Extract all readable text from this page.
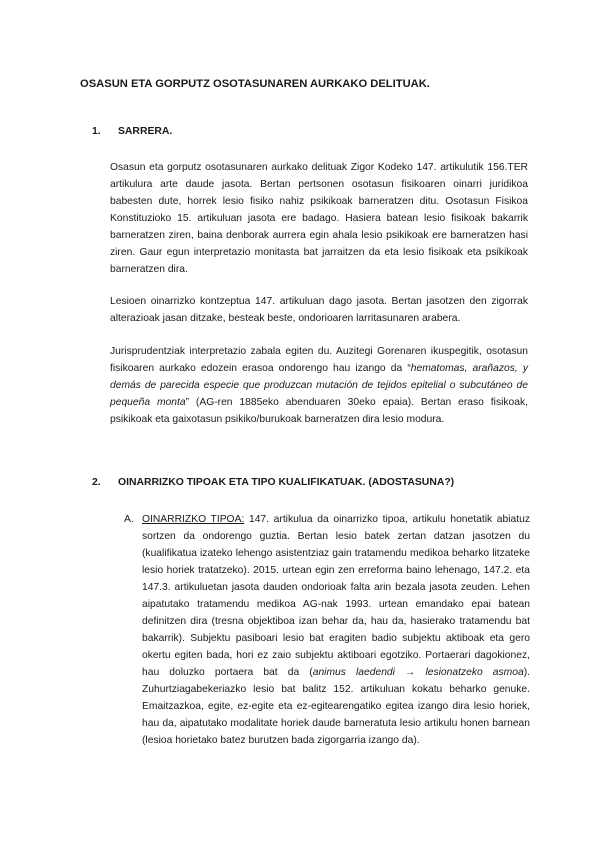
OSASUN ETA GORPUTZ OSOTASUNAREN AURKAKO DELITUAK.
1. SARRERA.

Osasun eta gorputz osotasunaren aurkako delituak Zigor Kodeko 147. artikulutik 156.TER artikulura arte daude jasota. Bertan pertsonen osotasun fisikoaren oinarri juridikoa babesten dute, horrek lesio fisiko nahiz psikikoak barneratzen ditu. Osotasun Fisikoa Konstituzioko 15. artikuluan jasota ere badago. Hasiera batean lesio fisikoak bakarrik barneratzen ziren, baina denborak aurrera egin ahala lesio psikikoak ere barneratzen hasi ziren. Gaur egun interpretazio monitasta bat jarraitzen da eta lesio fisikoak eta psikikoak barneratzen dira.

Lesioen oinarrizko kontzeptua 147. artikuluan dago jasota. Bertan jasotzen den zigorrak alterazioak jasan ditzake, besteak beste, ondorioaren larritasunaren arabera.

Jurisprudentziak interpretazio zabala egiten du. Auzitegi Gorenaren ikuspegitik, osotasun fisikoaren aurkako edozein erasoa ondorengo hau izango da “hematomas, arañazos, y demás de parecida especie que produzcan mutación de tejidos epitelial o subcutáneo de pequeña monta” (AG-ren 1885eko abenduaren 30eko epaia). Bertan eraso fisikoak, psikikoak eta gaixotasun psikiko/burukoak barneratzen dira lesio modura.

2. OINARRIZKO TIPOAK ETA TIPO KUALIFIKATUAK. (ADOSTASUNA?)
A. OINARRIZKO TIPOA: 147. artikulua da oinarrizko tipoa, artikulu honetatik abiatuz sortzen da ondorengo guztia. Bertan lesio batek zertan datzan jasotzen du (kualifikatua izateko lehengo asistentziaz gain tratamendu medikoa beharko litzateke lesio horiek tratatzeko). 2015. urtean egin zen erreforma baino lehenago, 147.2. eta 147.3. artikuluetan jasota dauden ondorioak falta arin bezala jasota zeuden. Lehen aipatutako tratamendu medikoa AG-nak 1993. urtean emandako epai batean definitzen dira (tresna objektiboa izan behar da, hau da, hasierako tratamendu bat bakarrik). Subjektu pasiboari lesio bat eragiten badio subjektu aktiboak eta gero okertu egiten bada, hori ez zaio subjektu aktiboari egotziko. Portaerari dagokionez, hau doluzko portaera bat da (animus laedendi → lesionatzeko asmoa). Zuhurtziagabekeriazko lesio bat balitz 152. artikuluan kokatu beharko genuke. Emaitzazkoa, egite, ez-egite eta ez-egitearengatiko egitea izango dira lesio horiek, hau da, aipatutako modalitate horiek daude barneratuta lesio artikulu honen barnean (lesioa horietako batez burutzen bada zigorgarria izango da).
